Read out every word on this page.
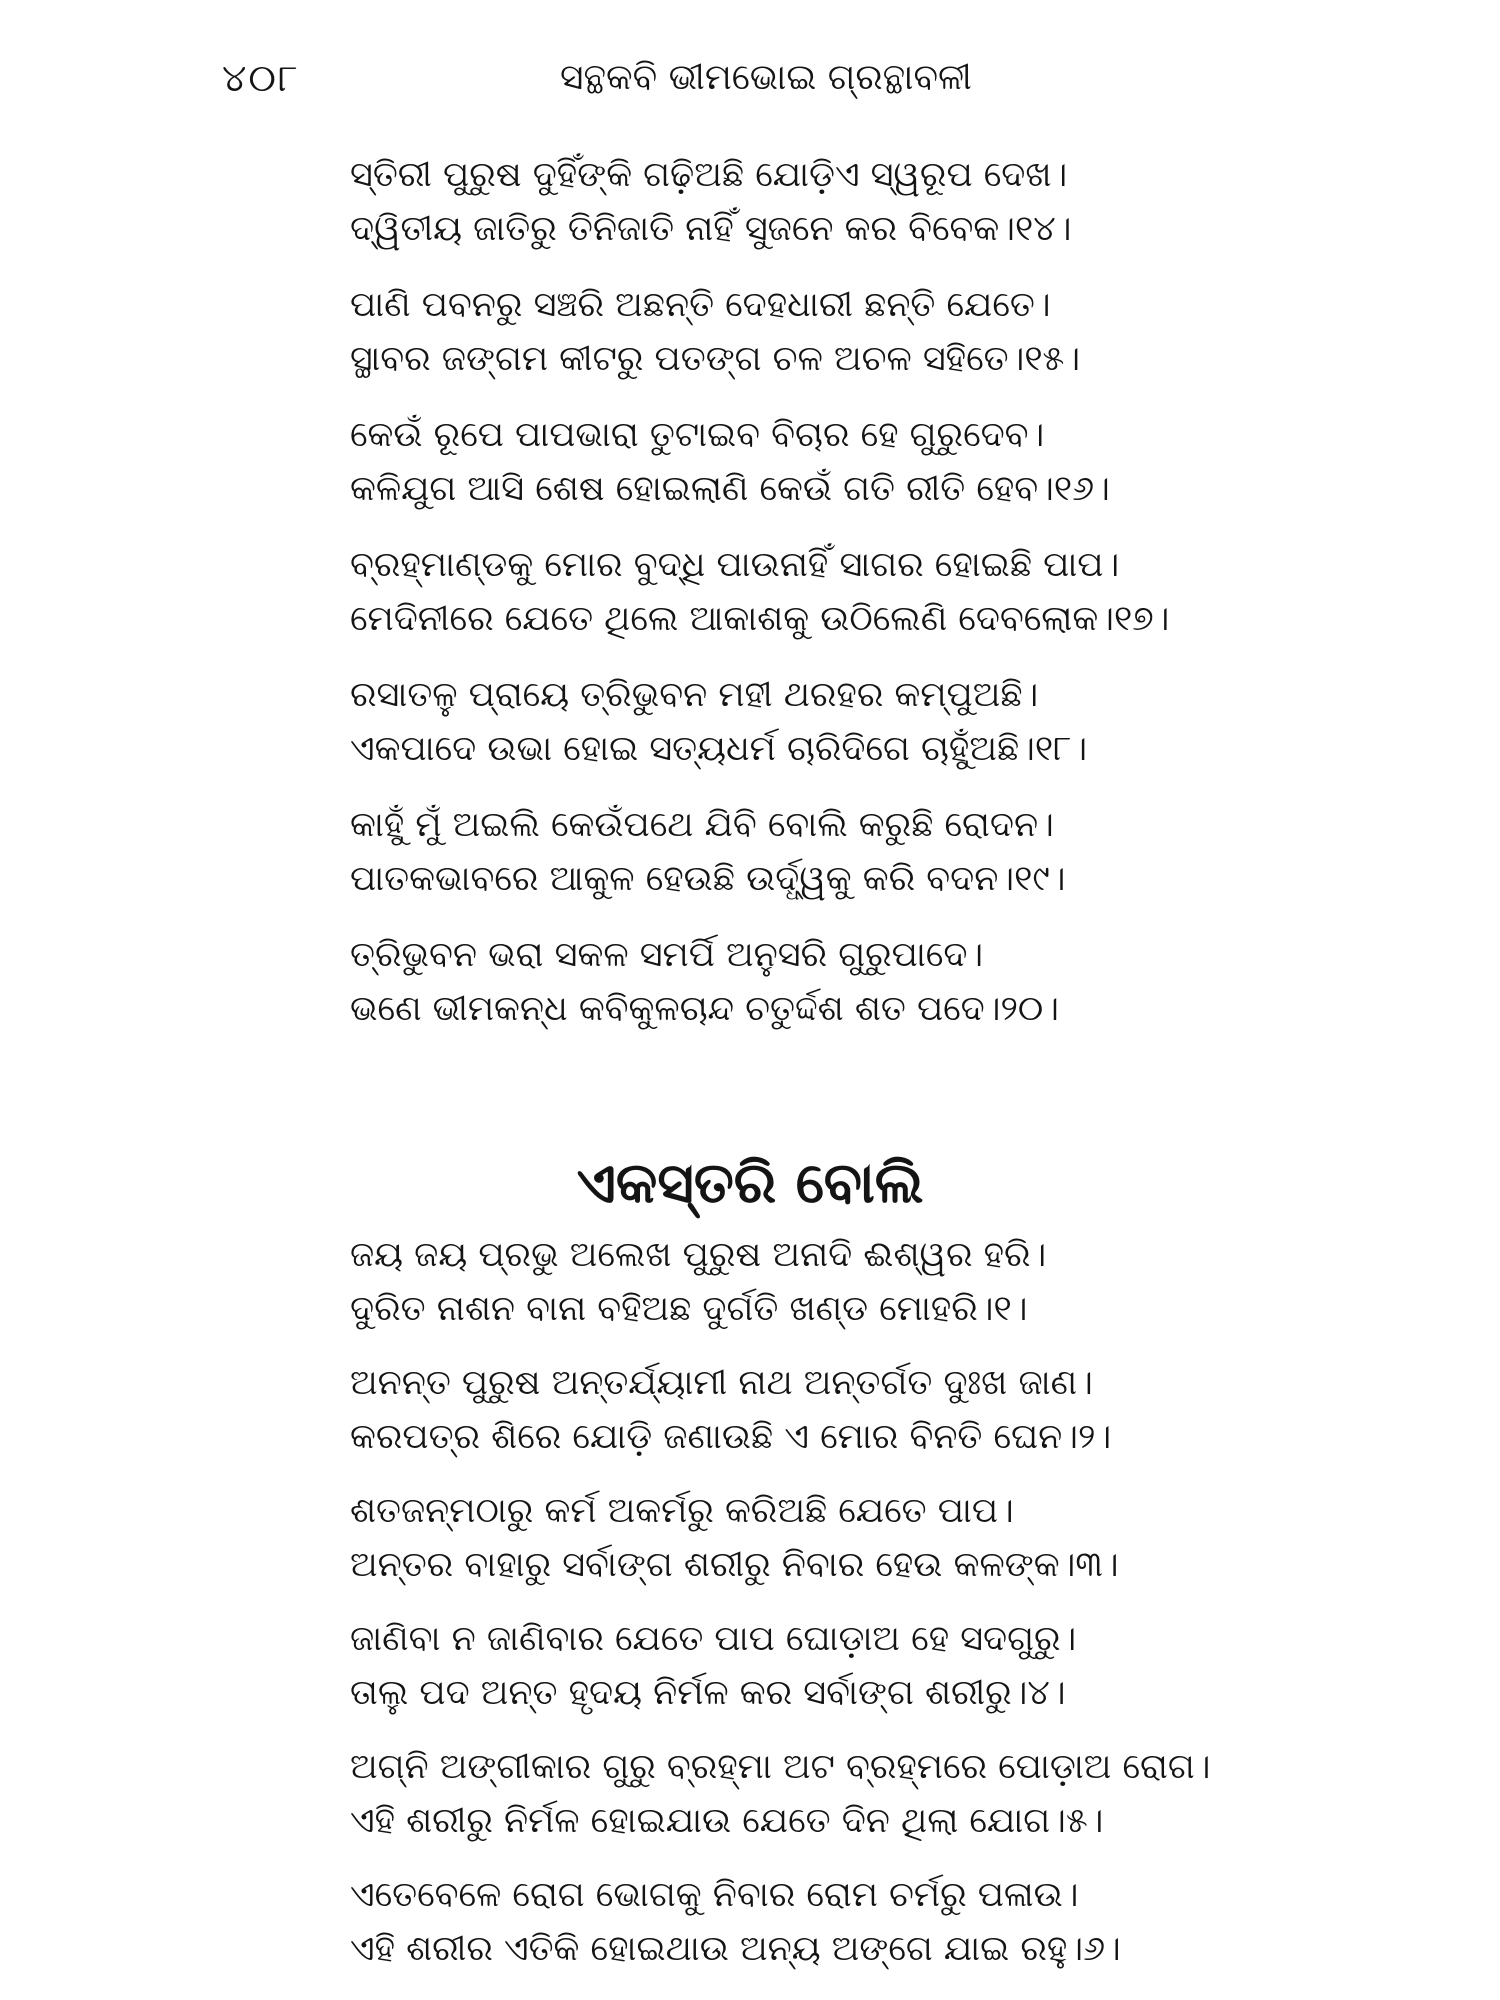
୪୦୮	ସନ୍ଥକବି ଭୀମଭୋଇ ଗ୍ରନ୍ଥାବଳୀ

ସ୍ତିରୀ ପୁରୁଷ ଦୁହିଁଙ୍କି ଗଢ଼ିଅଛି ଯୋଡ଼ିଏ ସ୍ୱରୂପ ଦେଖ।
ଦ୍ୱିତୀୟ ଜାତିରୁ ତିନିଜାତି ନାହିଁ ସୁଜନେ କର ବିବେକ।୧୪।

ପାଣି ପବନରୁ ସଞ୍ଚରି ଅଛନ୍ତି ଦେହଧାରୀ ଛନ୍ତି ଯେତେ।
ସ୍ଥାବର ଜଙ୍ଗମ କୀଟରୁ ପତଙ୍ଗ ଚଳ ଅଚଳ ସହିତେ।୧୫।

କେଉଁ ରୂପେ ପାପଭାରା ତୁଟାଇବ ବିଚାର ହେ ଗୁରୁଦେବ।
କଳିଯୁଗ ଆସି ଶେଷ ହୋଇଲାଣି କେଉଁ ଗତି ରୀତି ହେବ।୧୬।

ବ୍ରହ୍ମାଣ୍ଡକୁ ମୋର ବୁଦ୍ଧି ପାଉନାହିଁ ସାଗର ହୋଇଛି ପାପ।
ମେଦିନୀରେ ଯେତେ ଥିଲେ ଆକାଶକୁ ଉଠିଲେଣି ଦେବଲୋକ।୧୭।

ରସାତଳୁ ପ୍ରାୟେ ତ୍ରିଭୁବନ ମହୀ ଥରହର କମ୍ପୁଅଛି।
ଏକପାଦେ ଉଭା ହୋଇ ସତ୍ୟଧର୍ମ ଚାରିଦିଗେ ଚାହୁଁଅଛି।୧୮।

କାହୁଁ ମୁଁ ଅଇଲି କେଉଁପଥେ ଯିବି ବୋଲି କରୁଛି ରୋଦନ।
ପାତକଭାବରେ ଆକୁଳ ହେଉଛି ଉର୍ଦ୍ଧ୍ୱକୁ କରି ବଦନ।୧୯।

ତ୍ରିଭୁବନ ଭରା ସକଳ ସମର୍ପି ଅନୁସରି ଗୁରୁପାଦେ।
ଭଣେ ଭୀମକନ୍ଧ କବିକୁଳଚାନ୍ଦ ଚତୁର୍ଦ୍ଦଶ ଶତ ପଦେ।୨୦।

ଏକସ୍ତରି ବୋଲି

ଜୟ ଜୟ ପ୍ରଭୁ ଅଲେଖ ପୁରୁଷ ଅନାଦି ଈଶ୍ୱର ହରି।
ଦୁରିତ ନାଶନ ବାନା ବହିଅଛ ଦୁର୍ଗତି ଖଣ୍ଡ ମୋହରି।୧।

ଅନନ୍ତ ପୁରୁଷ ଅନ୍ତର୍ଯ୍ୟାମୀ ନାଥ ଅନ୍ତର୍ଗତ ଦୁଃଖ ଜାଣ।
କରପତ୍ର ଶିରେ ଯୋଡ଼ି ଜଣାଉଛି ଏ ମୋର ବିନତି ଘେନ।୨।

ଶତଜନ୍ମଠାରୁ କର୍ମ ଅକର୍ମରୁ କରିଅଛି ଯେତେ ପାପ।
ଅନ୍ତର ବାହାରୁ ସର୍ବାଙ୍ଗ ଶରୀରୁ ନିବାର ହେଉ କଳଙ୍କ।୩।

ଜାଣିବା ନ ଜାଣିବାର ଯେତେ ପାପ ଘୋଡ଼ାଅ ହେ ସଦଗୁରୁ।
ତାଲୁ ପଦ ଅନ୍ତ ହୃଦୟ ନିର୍ମଳ କର ସର୍ବାଙ୍ଗ ଶରୀରୁ।୪।

ଅଗ୍ନି ଅଙ୍ଗୀକାର ଗୁରୁ ବ୍ରହ୍ମା ଅଟ ବ୍ରହ୍ମରେ ପୋଡ଼ାଅ ରୋଗ।
ଏହି ଶରୀରୁ ନିର୍ମଳ ହୋଇଯାଉ ଯେତେ ଦିନ ଥିଲା ଯୋଗ।୫।

ଏତେବେଳେ ରୋଗ ଭୋଗକୁ ନିବାର ରୋମ ଚର୍ମରୁ ପଳାଉ।
ଏହି ଶରୀର ଏତିକି ହୋଇଥାଉ ଅନ୍ୟ ଅଙ୍ଗେ ଯାଇ ରହୁ।୬।
